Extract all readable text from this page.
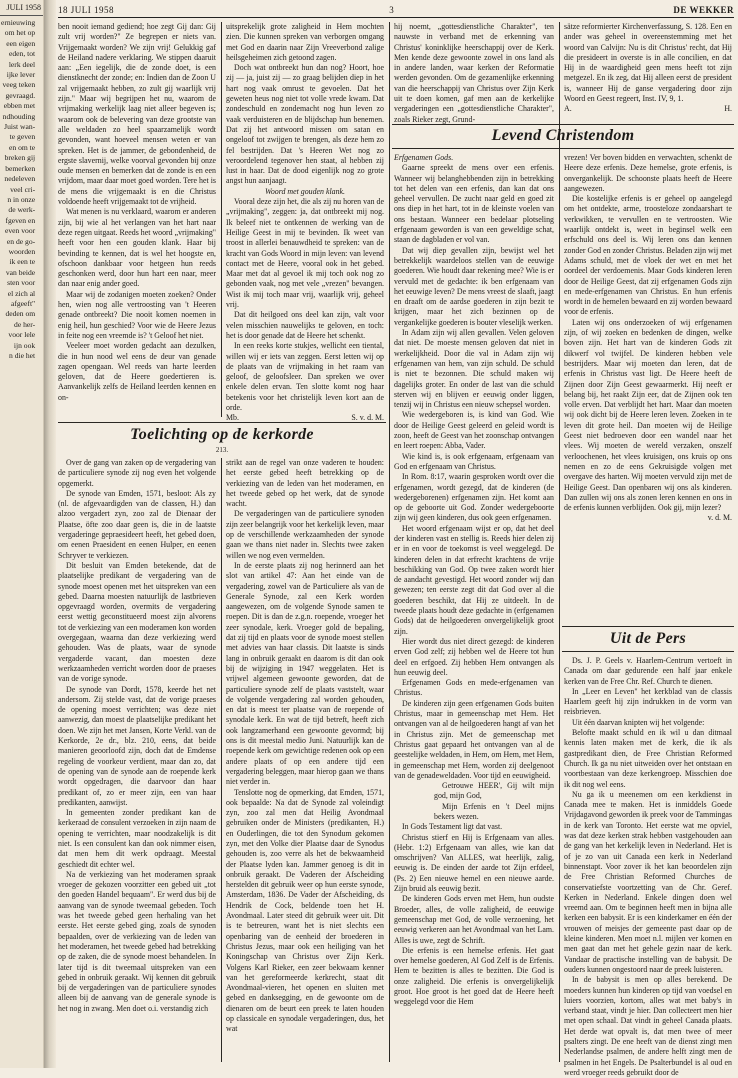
JULI 1958
ernieuwing
om het op
een eigen
eden, tot
lerk deel
ijke lever
veeg teken
gevraagd.
ebben met
ndhouding
Juist wan-
te geven
en om te
breken gij
bemerken
nedeleven
veel cri-
n in onze
de werk-
fgeven en
even voor
en de go-
woorden
ik een te
van beide
sten voor
el zich al
afgeeft"
deden om
de her-
voor lele
ijn ook
n die het
18 JULI 1958	3	DE WEKKER

ben nooit iemand gediend; hoe zegt Gij dan: Gij zult vrij worden?" Ze begrepen er niets van. Vrijgemaakt worden? We zijn vrij! Gelukkig gaf de Heiland nadere verklaring. We stippen daaruit aan: „Een iegelijk, die de zonde doet, is een dienstknecht der zonde; en: Indien dan de Zoon U zal vrijgemaakt hebben, zo zult gij waarlijk vrij zijn." Maar wij begrijpen het nu, waarom de vrijmaking werkelijk laag niet alleer begeven is; waarom ook de belevering van deze grootste van alle weldaden zo heel spaarzamelijk wordt gevonden, want hoeveel mensen weten er van spreken. Het is de jammer, de gebondenheid, de ergste slavernij, welke voorval gevonden bij onze oude mensen en bemerken dat de zonde is en een vrijdom, maar daar moet goed worden. Tere het is de mens die vrijgemaakt is en die Christus voldoende heeft vrijgemaakt tot de vrijheid.

Wat menen is nu verklaard, waarom er anderen zijn, bij wie al het verlangen van het hart naar deze regen uitgaat. Reeds het woord „vrijmaking" heeft voor hen een gouden klank. Haar bij bevinding te kennen, dat is wel het hoogste en, ofschoon dankbaar voor hetgeen hun reeds geschonken werd, door hun hart een naar, meer dan naar enig ander goed.

Maar wij de zodanigen moeten zoeken? Onder hen, wien nog alle vertroosting van 't Heeren genade ontbreekt? Die nooit komen noemen in enig heil, hun geschied? Voor wie de Heere Jezus in feite nog een vreemde is? 't Geloof het niet.

Veeleer moet worden gedacht aan dezulken, die in hun nood wel eens de deur van genade zagen opengaan. Wel reeds van harte leerden geloven, dat de Heere goedertieren is. Aanvankelijk zelfs de Heiland leerden kennen en on-

uitsprekelijk grote zaligheid in Hem mochten zien. Die kunnen spreken van verborgen omgang met God en daarin naar Zijn Vreeverbond zalige heilsgeheimen zich getoond zagen.

Doch wat ontbreekt hun dan nog? Hoort, hoe zij — ja, juist zij — zo graag belijden diep in het hart nog vaak omrust te gevoelen. Dat het geweten heus nog niet tot volle vrede kwam. Dat zondeschuld en zondemacht nog hun leven zo vaak verduisteren en de blijdschap hun benemen. Dat zij het antwoord missen om satan en ongeloof tot zwijgen te brengen, als deze hem zo fel bestrijden. Dat 's Heeren Wet nog zo veroordelend tegenover hen staat, al hebben zij lust in haar. Dat de dood eigenlijk nog zo grote angst hun aanjaagt.

Woord met gouden klank.

Vooral deze zijn het, die als zij nu horen van de „vrijmaking", zeggen: ja, dat ontbreekt mij nog. Ik beleef niet te ontkennen de werking van de Heilige Geest in mij te bevinden. Ik weet van troost in allerlei benauwdheid te spreken: van de kracht van Gods Woord in mijn leven: van levend contact met de Heere, vooral ook in het gebed. Maar met dat al gevoel ik mij toch ook nog zo gebonden vaak, nog met vele „vrezen" bevangen. Wist ik mij toch maar vrij, waarlijk vrij, geheel vrij.

Dat dit heilgoed ons deel kan zijn, valt voor velen misschien nauwelijks te geloven, en toch: het is door genade dat de Heere het schenkt.

In een reeks korte stukjes, wellicht een tiental, willen wij er iets van zeggen. Eerst letten wij op de plaats van de vrijmaking in het raam van geloof, de geloofsleer. Dan spreken we over enkele delen ervan. Ten slotte komt nog haar betekenis voor het christelijk leven kort aan de orde.

Mb.	S. v. d. M.

hij noemt, „gottesdienstliche Charakter", ten nauwste in verband met de erkenning van Christus' koninklijke heerschappij over de Kerk. Men kende deze gewoonte zowel in ons land als in andere landen, waar kerken der Reformatie werden gevonden. Om de gezamenlijke erkenning van die heerschappij van Christus over Zijn Kerk uit te doen komen, gaf men aan de kerkelijke vergaderingen een „gottesdienstliche Charakter", zoals Rieker zegt, Grund-

sätze reformierter Kirchenverfassung, S. 128. Een en ander was geheel in overeenstemming met het woord van Calvijn: Nu is dit Christus' recht, dat Hij die presideert in overste is in alle concilien, en dat Hij in de waardigheid geen mens heeft tot zijn metgezel. En ik zeg, dat Hij alleen eerst de president is, wanneer Hij de ganse vergadering door zijn Woord en Geest regeert, Inst. IV, 9, 1.

A.	H.
Levend Christendom

Erfgenamen Gods.

Gaarne spreekt de mens over een erfenis. Wanneer wij belanghebbenden zijn in betrekking tot het delen van een erfenis, dan kan dat ons geheel vervullen. De zucht naar geld en goed zit ons diep in het hart, tot in de kleinste voelen van ons bestaan. Wanneer een bedelaar plotseling erfgenaam geworden is van een geweldige schat, staan de dagbladen er vol van.

Dat wij diep gevallen zijn, bewijst wel het betrekkelijk waardeloos stellen van de eeuwige goederen. Wie houdt daar rekening mee? Wie is er vervuld met de gedachte: ik ben erfgenaam van het eeuwige leven? De mens vreest de slaaft, jaagt en draaft om de aardse goederen in zijn bezit te krijgen, maar het zich bezinnen op de vergankelijke goederen is bouter vleselijk werken.

In Adam zijn wij allen gevallen. Velen geloven dat niet. De moeste mensen geloven dat niet in werkelijkheid. Door die val in Adam zijn wij erfgenamen van hem, van zijn schuld. De schuld is niet te bezonnen. Die schuld maken wij dagelijks groter. En onder de last van die schuld sterven wij en blijven er eeuwig onder liggen, tenzij wij in Christus een nieuw schepsel worden.

Wie wedergeboren is, is kind van God. Wie door de Heilige Geest geleerd en geleid wordt is zoon, heeft de Geest van het zoonschap ontvangen en leert roepen: Abba, Vader.

Wie kind is, is ook erfgenaam, erfgenaam van God en erfgenaam van Christus.

In Rom. 8:17, waarin gesproken wordt over die erfgenamen, wordt gezegd, dat de kinderen (de wedergeborenen) erfgenamen zijn. Het komt aan op de geboorte uit God. Zonder wedergeboorte zijn wij geen kinderen, dus ook geen erfgenamen.

Het woord erfgenaam wijst er op, dat het deel der kinderen vast en stellig is. Reeds hier delen zij er in en voor de toekomst is veel weggelegd. De kinderen delen in dat erfrecht krachtens de vrije beschikking van God. Op twee zaken wordt hier de aandacht gevestigd. Het woord zonder wij dan gewezen; ten eerste zegt dit dat God over al die goederen beschikt, dat Hij ze uitdeelt. In de tweede plaats houdt deze gedachte in (erfgenamen Gods) dat de heilgoederen onvergelijkelijk groot zijn.

Hier wordt dus niet direct gezegd: de kinderen erven God zelf; zij hebben wel de Heere tot hun deel en erfgoed. Zij hebben Hem ontvangen als hun eeuwig deel.

Erfgenamen Gods en mede-erfgenamen van Christus.

De kinderen zijn geen erfgenamen Gods buiten Christus, maar in gemeenschap met Hem. Het ontvangen van al de heilgoederen hangt af van het in Christus zijn. Met de gemeenschap met Christus gaat gepaard het ontvangen van al de geestelijke weldaden, in Hem, om Hem, met Hem, in gemeenschap met Hem, worden zij deelgenoot van de genadeweldaden. Voor tijd en eeuwigheid.

Getrouwe HEER', Gij wilt mijn god, mijn God,

Mijn Erfenis en 't Deel mijns bekers wezen.

In Gods Testament ligt dat vast.

Christus stierf en Hij is Erfgenaam van alles. (Hebr. 1:2) Erfgenaam van alles, wie kan dat omschrijven? Van ALLES, wat heerlijk, zalig, eeuwig is. De einden der aarde tot Zijn erfdeel, (Ps. 2) Een nieuwe hemel en een nieuwe aarde. Zijn bruid als eeuwig bezit.

De kinderen Gods erven met Hem, hun oudste Broeder, alles, de volle zaligheid, de eeuwige gemeenschap met God, de volle verzoening, het eeuwig verkeren aan het Avondmaal van het Lam. Alles is uwe, zegt de Schrift.

Die erfenis is een hemelse erfenis. Het gaat over hemelse goederen, Al God Zelf is de Erfenis. Hem te bezitten is alles te bezitten. Die God is onze zaligheid. Die erfenis is onvergelijkelijk groot. Hoe groot is het goed dat de Heere heeft weggelegd voor die Hem

vrezen! Ver boven bidden en verwachten, schenkt de Heere deze erfenis. Deze hemelse, grote erfenis, is onvergankelijk. De schoonste plaats heeft de Heere aangewezen.

Die kostelijke erfenis is er geheel op aangelegd om het ontdekte, arme, troosteloze zondaarshart te verkwikken, te vervullen en te vertroosten. Wie waarlijk ontdekt is, weet in beginsel welk een erfschuld ons deel is. Wij leren ons dan kennen zonder God en zonder Christus. Beladen zijn wij met Adams schuld, met de vloek der wet en met het oordeel der verdoemenis. Maar Gods kinderen leren door de Heilige Geest, dat zij erfgenamen Gods zijn en mede-erfgenamen van Christus. En hun erfenis wordt in de hemelen bewaard en zij worden bewaard voor de erfenis.

Laten wij ons onderzoeken of wij erfgenamen zijn, of wij zoeken en bedenken de dingen, welke boven zijn. Het hart van de kinderen Gods zit dikwerf vol twijfel. De kinderen hebben vele bestrijders. Maar wij moeten dan leren, dat de erfenis in Christus vast ligt. De Heere heeft de Zijnen door Zijn Geest gewaarmerkt. Hij neeft er belang bij, het raakt Zijn eer, dat de Zijnen ook ten volle erven. Dat verblijdt het hart. Maar dan moeten wij ook dicht bij de Heere leren leven. Zoeken in te leven dit grote heil. Dan moeten wij de Heilige Geest niet bedroeven door een wandel naar het vlees. Wij moeten de wereld verzaken, onszelf verloochenen, het vlees kruisigen, ons kruis op ons nemen en zo de eens Gekruisigde volgen met overgave des harten. Wij moeten vervuld zijn met de Heilige Geest. Dan openbaren wij ons als kinderen. Dan zullen wij ons als zonen leren kennen en ons in de erfenis kunnen verblijden. Ook gij, mijn lezer?

v. d. M.
Uit de Pers

Ds. J. P. Geels v. Haarlem-Centrum vertoeft in Canada om daar gedurende een half jaar enkele kerken van de Free Chr. Ref. Church te dienen.

In „Leer en Leven" het kerkblad van de classis Haarlem geeft hij zijn indrukken in de vorm van reisbrieven.

Uit één daarvan knipten wij het volgende:

Belofte maakt schuld en ik wil u dan ditmaal kennis laten maken met de kerk, die ik als gastpredikant dien, de Free Christian Reformed Church. Ik ga nu niet uitweiden over het ontstaan en voortbestaan van deze kerkengroep. Misschien doe ik dit nog wel eens.

Nu ga ik u meenemen om een kerkdienst in Canada mee te maken. Het is inmiddels Goede Vrijdagavond geworden ik preek voor de Tammingas in de kerk van Toronto. Het eerste wat me opviel, was dat deze kerken strak hebben vastgehouden aan de gang van het kerkelijk leven in Nederland. Het is of je zo van uit Canada een kerk in Nederland binnenstapt. Voor zover ik het kan beoordelen zijn de Free Christian Reformed Churches de conservatiefste voortzetting van de Chr. Geref. Kerken in Nederland. Enkele dingen doen wel vreemd aan. Om te beginnen heeft men in bijna alle kerken een babysit. Er is een kinderkamer en één der vrouwen of meisjes der gemeente past daar op de kleine kinderen. Men moet n.l. mijlen ver komen en men gaat dan met het gehele gezin naar de kerk. Vandaar de practische instelling van de babysit. De ouders kunnen ongestoord naar de preek luisteren.

In de babysit is men op alles berekend. De moeders kunnen hun kinderen op tijd van voedsel en luiers voorzien, kortom, alles wat met baby's in verband staat, vindt je hier. Dan collecteert men hier met open schaal. Dat vindt in geheel Canada plaats. Het derde wat opvalt is, dat men twee of meer psalters zingt. De ene heeft van de dienst zingt men Nederlandse psalmen, de andere helft zingt men de psalmen in het Engels. De Psalterbundel is al oud en werd vroeger reeds gebruikt door de

Toelichting op de kerkorde
213.

Over de gang van zaken op de vergadering van de particuliere synode zij nog even het volgende opgemerkt.

De synode van Emden, 1571, besloot: Als zy (nl. de afgevaardigden van de classen, H.) dan alzoo vergadert zyn, zoo zal de Dienaar der Plaatse, öfte zoo daar geen is, die in de laatste vergaderinge gepraesideert heeft, het gebed doen, om eenen Praesident en eenen Hulper, en eenen Schryver te verkiezen.

Dit besluit van Emden betekende, dat de plaatselijke predikant de vergadering van de synode moest openen met het uitspreken van een gebed. Daarna moesten natuurlijk de lastbrieven opgevraagd worden, overmits de vergadering eerst wettig geconstitueerd moest zijn alvorens tot de verkiezing van een moderamen kon worden overgegaan, waarna dan deze verkiezing werd gehouden. Was de plaats, waar de synode vergaderde vacant, dan moesten deze werkzaamheden verricht worden door de praeses van de vorige synode.

De synode van Dordt, 1578, keerde het net andersom. Zij stelde vast, dat de vorige praeses de opening moest verrichten; was deze niet aanwezig, dan moest de plaatselijke predikant het doen. We zijn het met Jansen, Korte Verkl. van de Kerkorde, 2e dr., blz. 210, eens, dat beide manieren geoorloofd zijn, doch dat de Emdense regeling de voorkeur verdient, maar dan zo, dat de opening van de synode aan de roepende kerk wordt opgedragen, die daarvoor dan haar predikant of, zo er meer zijn, een van haar predikanten, aanwijst.

In gemeenten zonder predikant kan de kerkeraad de consulent verzoeken in zijn naam de opening te verrichten, maar noodzakelijk is dit niet. Is een consulent kan dan ook nimmer eisen, dat men hem dit werk opdraagt. Meestal geschiedt dit echter wel.

Na de verkiezing van het moderamen spraak vroeger de gekozen voorzitter een gebed uit „tot den goeden Handel bequaam". Er werd dus bij de aanvang van de synode tweemaal gebeden. Toch was het tweede gebed geen herhaling van het eerste. Het eerste gebed ging, zoals de synoden bepaalden, over de verkiezing van de leden van het moderamen, het tweede gebed had betrekking op de zaken, die de synode moest behandelen. In later tijd is dit tweemaal uitspreken van een gebed in onbruik geraakt. Wij kennen dit gebruik bij de vergaderingen van de particuliere synodes alleen bij de aanvang van de generale synode is het nog in zwang. Men doet o.i. verstandig zich

strikt aan de regel van onze vaderen te houden: het eerste gebed heeft betrekking op de verkiezing van de leden van het moderamen, en het tweede gebed op het werk, dat de synode wacht.

De vergaderingen van de particuliere synoden zijn zeer belangrijk voor het kerkelijk leven, maar op de verschillende werkzaamheden der synode gaan we thans niet nader in. Slechts twee zaken willen we nog even vermelden.

In de eerste plaats zij nog herinnerd aan het slot van artikel 47: Aan het einde van de vergadering, zowel van de Particuliere als van de Generale Synode, zal een Kerk worden aangewezen, om de volgende Synode samen te roepen. Dit is dan de z.g.n. roepende, vroeger het zeer synodale, kerk. Vroeger gold de bepaling, dat zij tijd en plaats voor de synode moest stellen met advies van haar classis. Dit laatste is sinds lang in onbruik geraakt en daarom is dit dan ook bij de wijziging in 1947 weggelaten. Het is vrijwel algemeen gewoonte geworden, dat de particuliere synode zelf de plaats vaststelt, waar de volgende vergadering zal worden gehouden, en dat is meest ter plaatse van de roepende of synodale kerk. En wat de tijd betreft, heeft zich ook langzamerhand een gewoonte gevormd; bij ons is dit meestal medio Juni. Natuurlijk kan de roepende kerk om gewichtige redenen ook op een andere plaats of op een andere tijd een vergadering beleggen, maar hierop gaan we thans niet verder in.

Tenslotte nog de opmerking, dat Emden, 1571, ook bepaalde: Na dat de Synode zal voleindigt zyn, zoo zal men dat Heilig Avondmaal gebruiken onder de Ministers (predikanten, H.) en Ouderlingen, die tot den Synodum gekomen zyn, met den Volke dier Plaatse daar de Synodus gehouden is, zoo verre als het de bekwaamheid der Plaatse lyden kan. Jammer genoeg is dit in onbruik geraakt. De Vaderen der Afscheiding herstelden dit gebruik weer op hun eerste synode, Amsterdam, 1836. De Vader der Afscheiding, ds Hendrik de Cock, beldende toen het H. Avondmaal. Later steed dit gebruik weer uit. Dit is te betreuren, want het is niet slechts een openbaring van de eenheid der broederen in Christus Jezus, maar ook een heiliging van het Koningschap van Christus over Zijn Kerk. Volgens Karl Rieker, een zeer bekwaam kenner van het gereformeerde kerkrecht, staat dit Avondmaal-vieren, het openen en sluiten met gebed en danksegging, en de gewoonte om de dienaren om de beurt een preek te laten houden op classicale en synodale vergaderingen, dus, het wat
